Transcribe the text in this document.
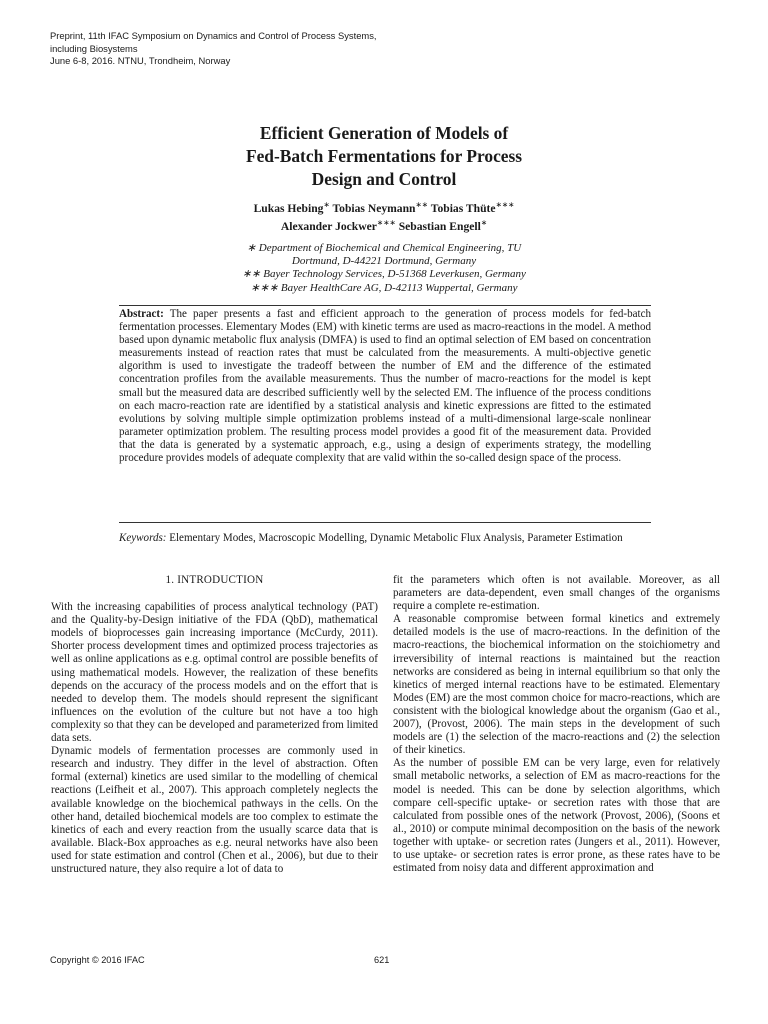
Preprint, 11th IFAC Symposium on Dynamics and Control of Process Systems,
including Biosystems
June 6-8, 2016. NTNU, Trondheim, Norway
Efficient Generation of Models of
Fed-Batch Fermentations for Process
Design and Control
Lukas Hebing∗ Tobias Neymann∗∗ Tobias Thüte∗∗∗
Alexander Jockwer∗∗∗ Sebastian Engell∗
∗ Department of Biochemical and Chemical Engineering, TU
Dortmund, D-44221 Dortmund, Germany
∗∗ Bayer Technology Services, D-51368 Leverkusen, Germany
∗∗∗ Bayer HealthCare AG, D-42113 Wuppertal, Germany
Abstract: The paper presents a fast and efficient approach to the generation of process models for fed-batch fermentation processes. Elementary Modes (EM) with kinetic terms are used as macro-reactions in the model. A method based upon dynamic metabolic flux analysis (DMFA) is used to find an optimal selection of EM based on concentration measurements instead of reaction rates that must be calculated from the measurements. A multi-objective genetic algorithm is used to investigate the tradeoff between the number of EM and the difference of the estimated concentration profiles from the available measurements. Thus the number of macro-reactions for the model is kept small but the measured data are described sufficiently well by the selected EM. The influence of the process conditions on each macro-reaction rate are identified by a statistical analysis and kinetic expressions are fitted to the estimated evolutions by solving multiple simple optimization problems instead of a multi-dimensional large-scale nonlinear parameter optimization problem. The resulting process model provides a good fit of the measurement data. Provided that the data is generated by a systematic approach, e.g., using a design of experiments strategy, the modelling procedure provides models of adequate complexity that are valid within the so-called design space of the process.
Keywords: Elementary Modes, Macroscopic Modelling, Dynamic Metabolic Flux Analysis, Parameter Estimation
1. INTRODUCTION

With the increasing capabilities of process analytical technology (PAT) and the Quality-by-Design initiative of the FDA (QbD), mathematical models of bioprocesses gain increasing importance (McCurdy, 2011). Shorter process development times and optimized process trajectories as well as online applications as e.g. optimal control are possible benefits of using mathematical models. However, the realization of these benefits depends on the accuracy of the process models and on the effort that is needed to develop them. The models should represent the significant influences on the evolution of the culture but not have a too high complexity so that they can be developed and parameterized from limited data sets.

Dynamic models of fermentation processes are commonly used in research and industry. They differ in the level of abstraction. Often formal (external) kinetics are used similar to the modelling of chemical reactions (Leifheit et al., 2007). This approach completely neglects the available knowledge on the biochemical pathways in the cells. On the other hand, detailed biochemical models are too complex to estimate the kinetics of each and every reaction from the usually scarce data that is available. Black-Box approaches as e.g. neural networks have also been used for state estimation and control (Chen et al., 2006), but due to their unstructured nature, they also require a lot of data to

fit the parameters which often is not available. Moreover, as all parameters are data-dependent, even small changes of the organisms require a complete re-estimation.

A reasonable compromise between formal kinetics and extremely detailed models is the use of macro-reactions. In the definition of the macro-reactions, the biochemical information on the stoichiometry and irreversibility of internal reactions is maintained but the reaction networks are considered as being in internal equilibrium so that only the kinetics of merged internal reactions have to be estimated. Elementary Modes (EM) are the most common choice for macro-reactions, which are consistent with the biological knowledge about the organism (Gao et al., 2007), (Provost, 2006). The main steps in the development of such models are (1) the selection of the macro-reactions and (2) the selection of their kinetics.

As the number of possible EM can be very large, even for relatively small metabolic networks, a selection of EM as macro-reactions for the model is needed. This can be done by selection algorithms, which compare cell-specific uptake- or secretion rates with those that are calculated from possible ones of the network (Provost, 2006), (Soons et al., 2010) or compute minimal decomposition on the basis of the nework together with uptake- or secretion rates (Jungers et al., 2011). However, to use uptake- or secretion rates is error prone, as these rates have to be estimated from noisy data and different approximation and

Copyright © 2016 IFAC	621
